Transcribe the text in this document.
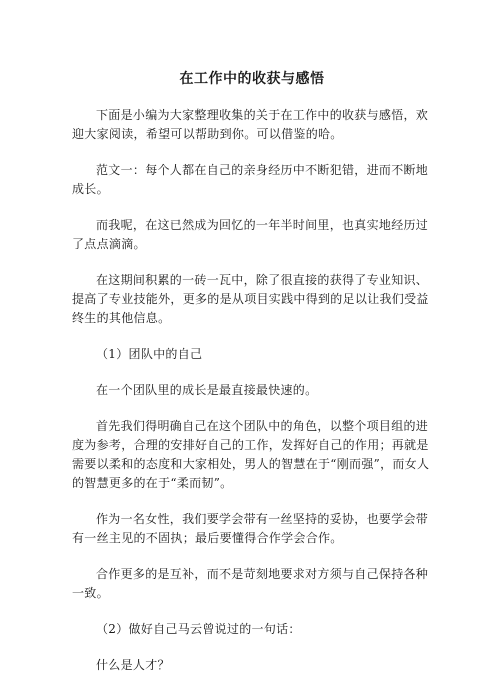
在工作中的收获与感悟

下面是小编为大家整理收集的关于在工作中的收获与感悟，欢迎大家阅读，希望可以帮助到你。可以借鉴的哈。

范文一：每个人都在自己的亲身经历中不断犯错，进而不断地成长。

而我呢，在这已然成为回忆的一年半时间里，也真实地经历过了点点滴滴。

在这期间积累的一砖一瓦中，除了很直接的获得了专业知识、提高了专业技能外，更多的是从项目实践中得到的足以让我们受益终生的其他信息。

（1）团队中的自己

在一个团队里的成长是最直接最快速的。

首先我们得明确自己在这个团队中的角色，以整个项目组的进度为参考，合理的安排好自己的工作，发挥好自己的作用；再就是需要以柔和的态度和大家相处，男人的智慧在于“刚而强”，而女人的智慧更多的在于“柔而韧”。

作为一名女性，我们要学会带有一丝坚持的妥协，也要学会带有一丝主见的不固执；最后要懂得合作学会合作。

合作更多的是互补，而不是苛刻地要求对方须与自己保持各种一致。

（2）做好自己马云曾说过的一句话：

什么是人才？
